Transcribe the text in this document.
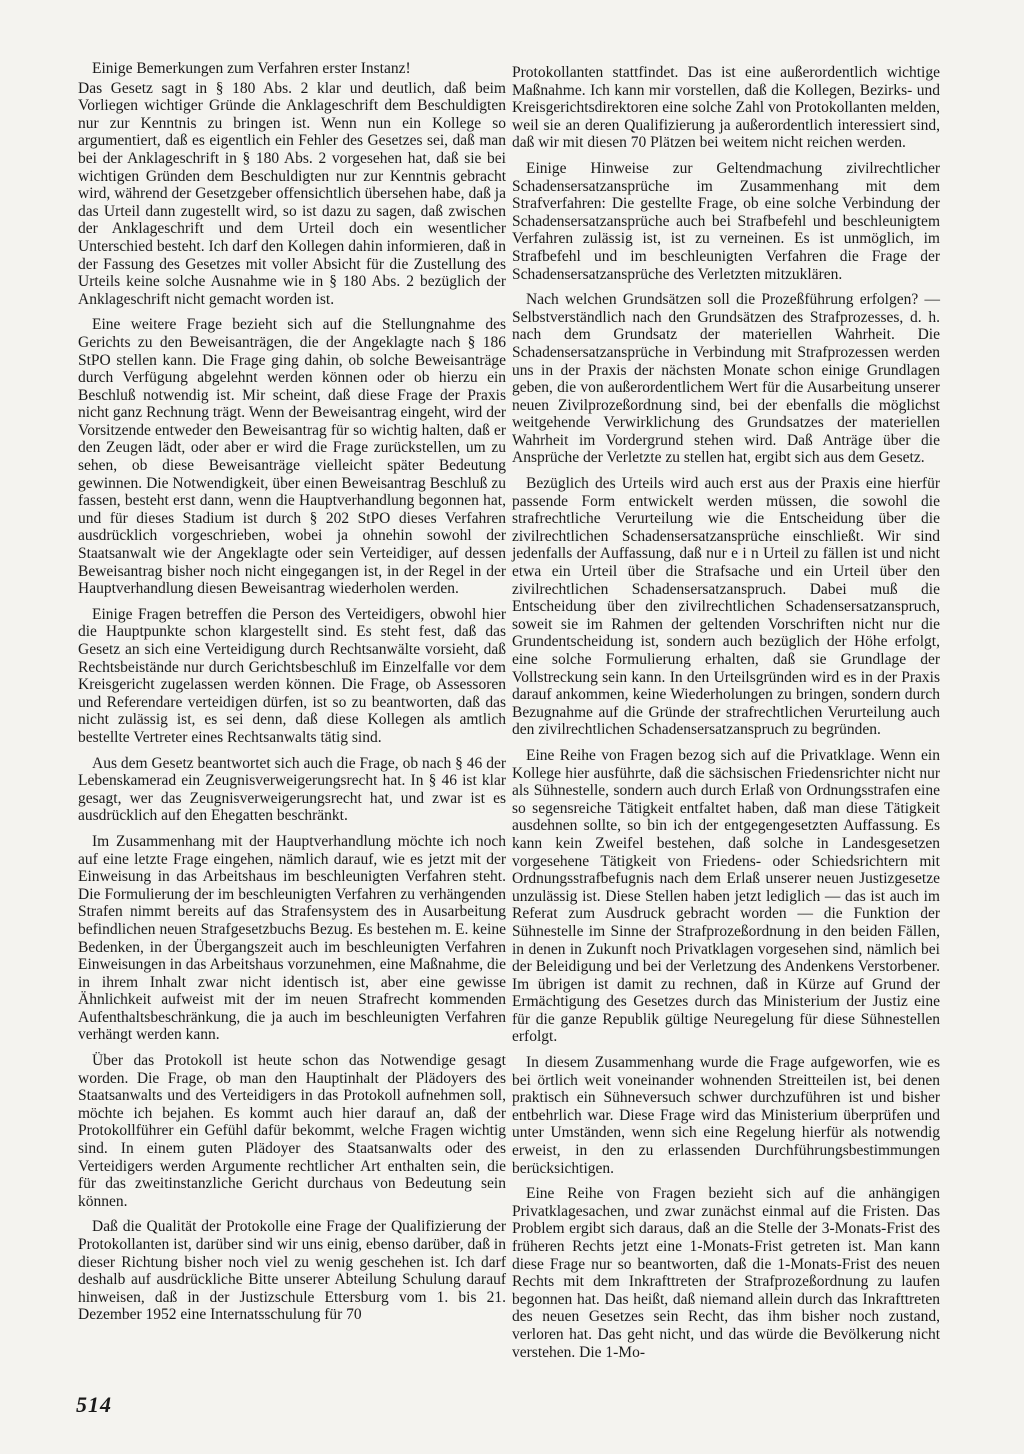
Einige Bemerkungen zum Verfahren erster Instanz!

Das Gesetz sagt in § 180 Abs. 2 klar und deutlich, daß beim Vorliegen wichtiger Gründe die Anklageschrift dem Beschuldigten nur zur Kenntnis zu bringen ist. Wenn nun ein Kollege so argumentiert, daß es eigentlich ein Fehler des Gesetzes sei, daß man bei der Anklageschrift in § 180 Abs. 2 vorgesehen hat, daß sie bei wichtigen Gründen dem Beschuldigten nur zur Kenntnis gebracht wird, während der Gesetzgeber offensichtlich übersehen habe, daß ja das Urteil dann zugestellt wird, so ist dazu zu sagen, daß zwischen der Anklageschrift und dem Urteil doch ein wesentlicher Unterschied besteht. Ich darf den Kollegen dahin informieren, daß in der Fassung des Gesetzes mit voller Absicht für die Zustellung des Urteils keine solche Ausnahme wie in § 180 Abs. 2 bezüglich der Anklageschrift nicht gemacht worden ist.

Eine weitere Frage bezieht sich auf die Stellungnahme des Gerichts zu den Beweisanträgen, die der Angeklagte nach § 186 StPO stellen kann. Die Frage ging dahin, ob solche Beweisanträge durch Verfügung abgelehnt werden können oder ob hierzu ein Beschluß notwendig ist. Mir scheint, daß diese Frage der Praxis nicht ganz Rechnung trägt. Wenn der Beweisantrag eingeht, wird der Vorsitzende entweder den Beweisantrag für so wichtig halten, daß er den Zeugen lädt, oder aber er wird die Frage zurückstellen, um zu sehen, ob diese Beweisanträge vielleicht später Bedeutung gewinnen. Die Notwendigkeit, über einen Beweisantrag Beschluß zu fassen, besteht erst dann, wenn die Hauptverhandlung begonnen hat, und für dieses Stadium ist durch § 202 StPO dieses Verfahren ausdrücklich vorgeschrieben, wobei ja ohnehin sowohl der Staatsanwalt wie der Angeklagte oder sein Verteidiger, auf dessen Beweisantrag bisher noch nicht eingegangen ist, in der Regel in der Hauptverhandlung diesen Beweisantrag wiederholen werden.

Einige Fragen betreffen die Person des Verteidigers, obwohl hier die Hauptpunkte schon klargestellt sind. Es steht fest, daß das Gesetz an sich eine Verteidigung durch Rechtsanwälte vorsieht, daß Rechtsbeistände nur durch Gerichtsbeschluß im Einzelfalle vor dem Kreisgericht zugelassen werden können. Die Frage, ob Assessoren und Referendare verteidigen dürfen, ist so zu beantworten, daß das nicht zulässig ist, es sei denn, daß diese Kollegen als amtlich bestellte Vertreter eines Rechtsanwalts tätig sind.

Aus dem Gesetz beantwortet sich auch die Frage, ob nach § 46 der Lebenskamerad ein Zeugnisverweigerungsrecht hat. In § 46 ist klar gesagt, wer das Zeugnisverweigerungsrecht hat, und zwar ist es ausdrücklich auf den Ehegatten beschränkt.

Im Zusammenhang mit der Hauptverhandlung möchte ich noch auf eine letzte Frage eingehen, nämlich darauf, wie es jetzt mit der Einweisung in das Arbeitshaus im beschleunigten Verfahren steht. Die Formulierung der im beschleunigten Verfahren zu verhängenden Strafen nimmt bereits auf das Strafensystem des in Ausarbeitung befindlichen neuen Strafgesetzbuchs Bezug. Es bestehen m. E. keine Bedenken, in der Übergangszeit auch im beschleunigten Verfahren Einweisungen in das Arbeitshaus vorzunehmen, eine Maßnahme, die in ihrem Inhalt zwar nicht identisch ist, aber eine gewisse Ähnlichkeit aufweist mit der im neuen Strafrecht kommenden Aufenthaltsbeschränkung, die ja auch im beschleunigten Verfahren verhängt werden kann.

Über das Protokoll ist heute schon das Notwendige gesagt worden. Die Frage, ob man den Hauptinhalt der Plädoyers des Staatsanwalts und des Verteidigers in das Protokoll aufnehmen soll, möchte ich bejahen. Es kommt auch hier darauf an, daß der Protokollführer ein Gefühl dafür bekommt, welche Fragen wichtig sind. In einem guten Plädoyer des Staatsanwalts oder des Verteidigers werden Argumente rechtlicher Art enthalten sein, die für das zweitinstanzliche Gericht durchaus von Bedeutung sein können.

Daß die Qualität der Protokolle eine Frage der Qualifizierung der Protokollanten ist, darüber sind wir uns einig, ebenso darüber, daß in dieser Richtung bisher noch viel zu wenig geschehen ist. Ich darf deshalb auf ausdrückliche Bitte unserer Abteilung Schulung darauf hinweisen, daß in der Justizschule Ettersburg vom 1. bis 21. Dezember 1952 eine Internatsschulung für 70

Protokollanten stattfindet. Das ist eine außerordentlich wichtige Maßnahme. Ich kann mir vorstellen, daß die Kollegen, Bezirks- und Kreisgerichtsdirektoren eine solche Zahl von Protokollanten melden, weil sie an deren Qualifizierung ja außerordentlich interessiert sind, daß wir mit diesen 70 Plätzen bei weitem nicht reichen werden.

Einige Hinweise zur Geltendmachung zivilrechtlicher Schadensersatzansprüche im Zusammenhang mit dem Strafverfahren: Die gestellte Frage, ob eine solche Verbindung der Schadensersatzansprüche auch bei Strafbefehl und beschleunigtem Verfahren zulässig ist, ist zu verneinen. Es ist unmöglich, im Strafbefehl und im beschleunigten Verfahren die Frage der Schadensersatzansprüche des Verletzten mitzuklären.

Nach welchen Grundsätzen soll die Prozeßführung erfolgen? — Selbstverständlich nach den Grundsätzen des Strafprozesses, d. h. nach dem Grundsatz der materiellen Wahrheit. Die Schadensersatzansprüche in Verbindung mit Strafprozessen werden uns in der Praxis der nächsten Monate schon einige Grundlagen geben, die von außerordentlichem Wert für die Ausarbeitung unserer neuen Zivilprozeßordnung sind, bei der ebenfalls die möglichst weitgehende Verwirklichung des Grundsatzes der materiellen Wahrheit im Vordergrund stehen wird. Daß Anträge über die Ansprüche der Verletzte zu stellen hat, ergibt sich aus dem Gesetz.

Bezüglich des Urteils wird auch erst aus der Praxis eine hierfür passende Form entwickelt werden müssen, die sowohl die strafrechtliche Verurteilung wie die Entscheidung über die zivilrechtlichen Schadensersatzansprüche einschließt. Wir sind jedenfalls der Auffassung, daß nur e i n Urteil zu fällen ist und nicht etwa ein Urteil über die Strafsache und ein Urteil über den zivilrechtlichen Schadensersatzanspruch. Dabei muß die Entscheidung über den zivilrechtlichen Schadensersatzanspruch, soweit sie im Rahmen der geltenden Vorschriften nicht nur die Grundentscheidung ist, sondern auch bezüglich der Höhe erfolgt, eine solche Formulierung erhalten, daß sie Grundlage der Vollstreckung sein kann. In den Urteilsgründen wird es in der Praxis darauf ankommen, keine Wiederholungen zu bringen, sondern durch Bezugnahme auf die Gründe der strafrechtlichen Verurteilung auch den zivilrechtlichen Schadensersatzanspruch zu begründen.

Eine Reihe von Fragen bezog sich auf die Privatklage. Wenn ein Kollege hier ausführte, daß die sächsischen Friedensrichter nicht nur als Sühnestelle, sondern auch durch Erlaß von Ordnungsstrafen eine so segensreiche Tätigkeit entfaltet haben, daß man diese Tätigkeit ausdehnen sollte, so bin ich der entgegengesetzten Auffassung. Es kann kein Zweifel bestehen, daß solche in Landesgesetzen vorgesehene Tätigkeit von Friedens- oder Schiedsrichtern mit Ordnungsstrafbefugnis nach dem Erlaß unserer neuen Justizgesetze unzulässig ist. Diese Stellen haben jetzt lediglich — das ist auch im Referat zum Ausdruck gebracht worden — die Funktion der Sühnestelle im Sinne der Strafprozeßordnung in den beiden Fällen, in denen in Zukunft noch Privatklagen vorgesehen sind, nämlich bei der Beleidigung und bei der Verletzung des Andenkens Verstorbener. Im übrigen ist damit zu rechnen, daß in Kürze auf Grund der Ermächtigung des Gesetzes durch das Ministerium der Justiz eine für die ganze Republik gültige Neuregelung für diese Sühnestellen erfolgt.

In diesem Zusammenhang wurde die Frage aufgeworfen, wie es bei örtlich weit voneinander wohnenden Streitteilen ist, bei denen praktisch ein Sühneversuch schwer durchzuführen ist und bisher entbehrlich war. Diese Frage wird das Ministerium überprüfen und unter Umständen, wenn sich eine Regelung hierfür als notwendig erweist, in den zu erlassenden Durchführungsbestimmungen berücksichtigen.

Eine Reihe von Fragen bezieht sich auf die anhängigen Privatklagesachen, und zwar zunächst einmal auf die Fristen. Das Problem ergibt sich daraus, daß an die Stelle der 3-Monats-Frist des früheren Rechts jetzt eine 1-Monats-Frist getreten ist. Man kann diese Frage nur so beantworten, daß die 1-Monats-Frist des neuen Rechts mit dem Inkrafttreten der Strafprozeßordnung zu laufen begonnen hat. Das heißt, daß niemand allein durch das Inkrafttreten des neuen Gesetzes sein Recht, das ihm bisher noch zustand, verloren hat. Das geht nicht, und das würde die Bevölkerung nicht verstehen. Die 1-Mo-

514
